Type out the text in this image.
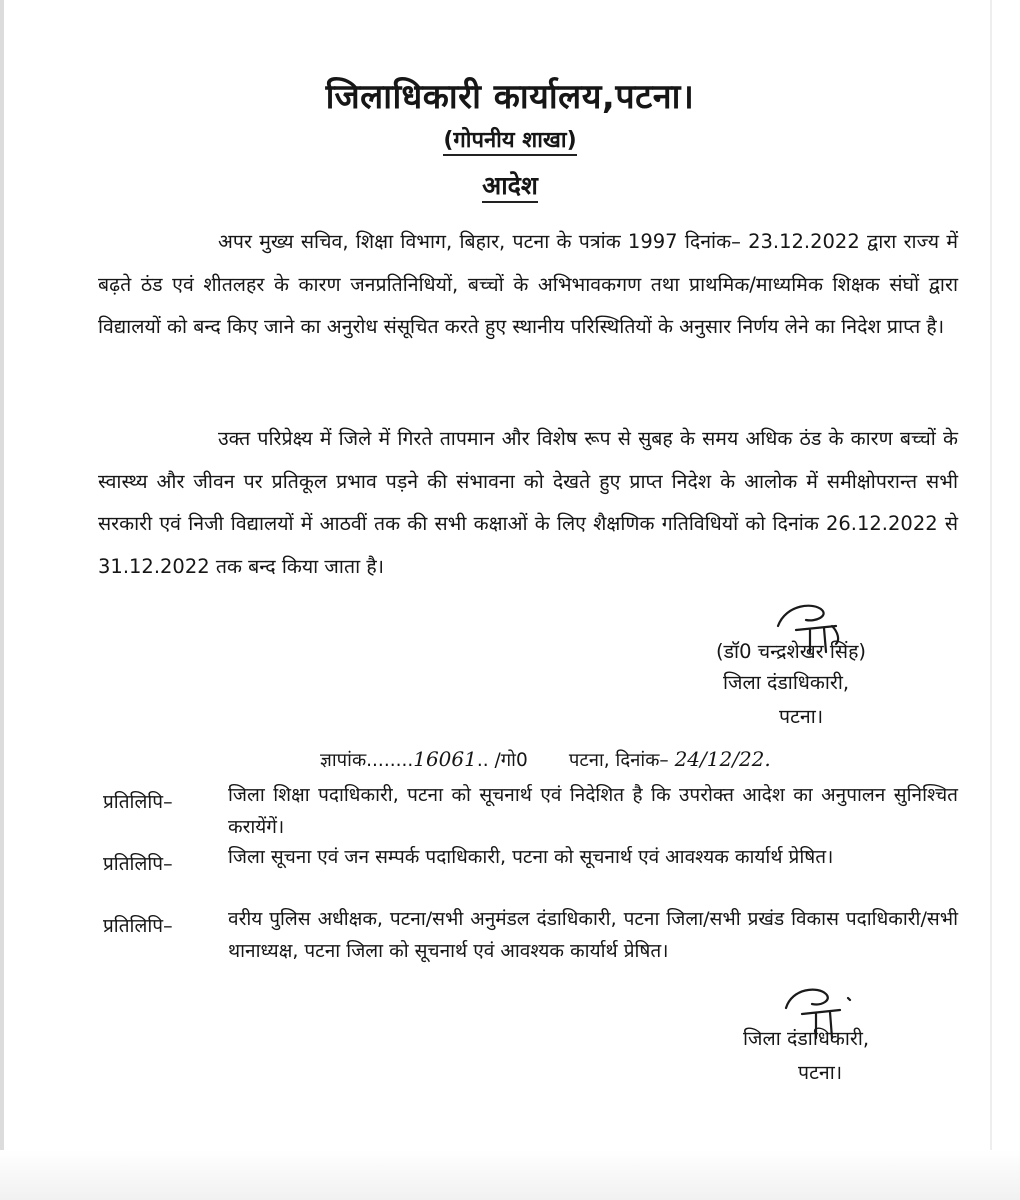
जिलाधिकारी कार्यालय,पटना।
(गोपनीय शाखा)
आदेश

अपर मुख्य सचिव, शिक्षा विभाग, बिहार, पटना के पत्रांक 1997 दिनांक– 23.12.2022 द्वारा राज्य में बढ़ते ठंड एवं शीतलहर के कारण जनप्रतिनिधियों, बच्चों के अभिभावकगण तथा प्राथमिक/माध्यमिक शिक्षक संघों द्वारा विद्यालयों को बन्द किए जाने का अनुरोध संसूचित करते हुए स्थानीय परिस्थितियों के अनुसार निर्णय लेने का निदेश प्राप्त है।

उक्त परिप्रेक्ष्य में जिले में गिरते तापमान और विशेष रूप से सुबह के समय अधिक ठंड के कारण बच्चों के स्वास्थ्य और जीवन पर प्रतिकूल प्रभाव पड़ने की संभावना को देखते हुए प्राप्त निदेश के आलोक में समीक्षोपरान्त सभी सरकारी एवं निजी विद्यालयों में आठवीं तक की सभी कक्षाओं के लिए शैक्षणिक गतिविधियों को दिनांक 26.12.2022 से 31.12.2022 तक बन्द किया जाता है।

(डॉ0 चन्द्रशेखर सिंह)
जिला दंडाधिकारी,
पटना।
ज्ञापांक........16061.. /गो0 पटना, दिनांक– 24/12/22.
प्रतिलिपि–	जिला शिक्षा पदाधिकारी, पटना को सूचनार्थ एवं निदेशित है कि उपरोक्त आदेश का अनुपालन सुनिश्चित करायेंगें।

प्रतिलिपि–	जिला सूचना एवं जन सम्पर्क पदाधिकारी, पटना को सूचनार्थ एवं आवश्यक कार्यार्थ प्रेषित।

प्रतिलिपि–	वरीय पुलिस अधीक्षक, पटना/सभी अनुमंडल दंडाधिकारी, पटना जिला/सभी प्रखंड विकास पदाधिकारी/सभी थानाध्यक्ष, पटना जिला को सूचनार्थ एवं आवश्यक कार्यार्थ प्रेषित।

जिला दंडाधिकारी,
पटना।
